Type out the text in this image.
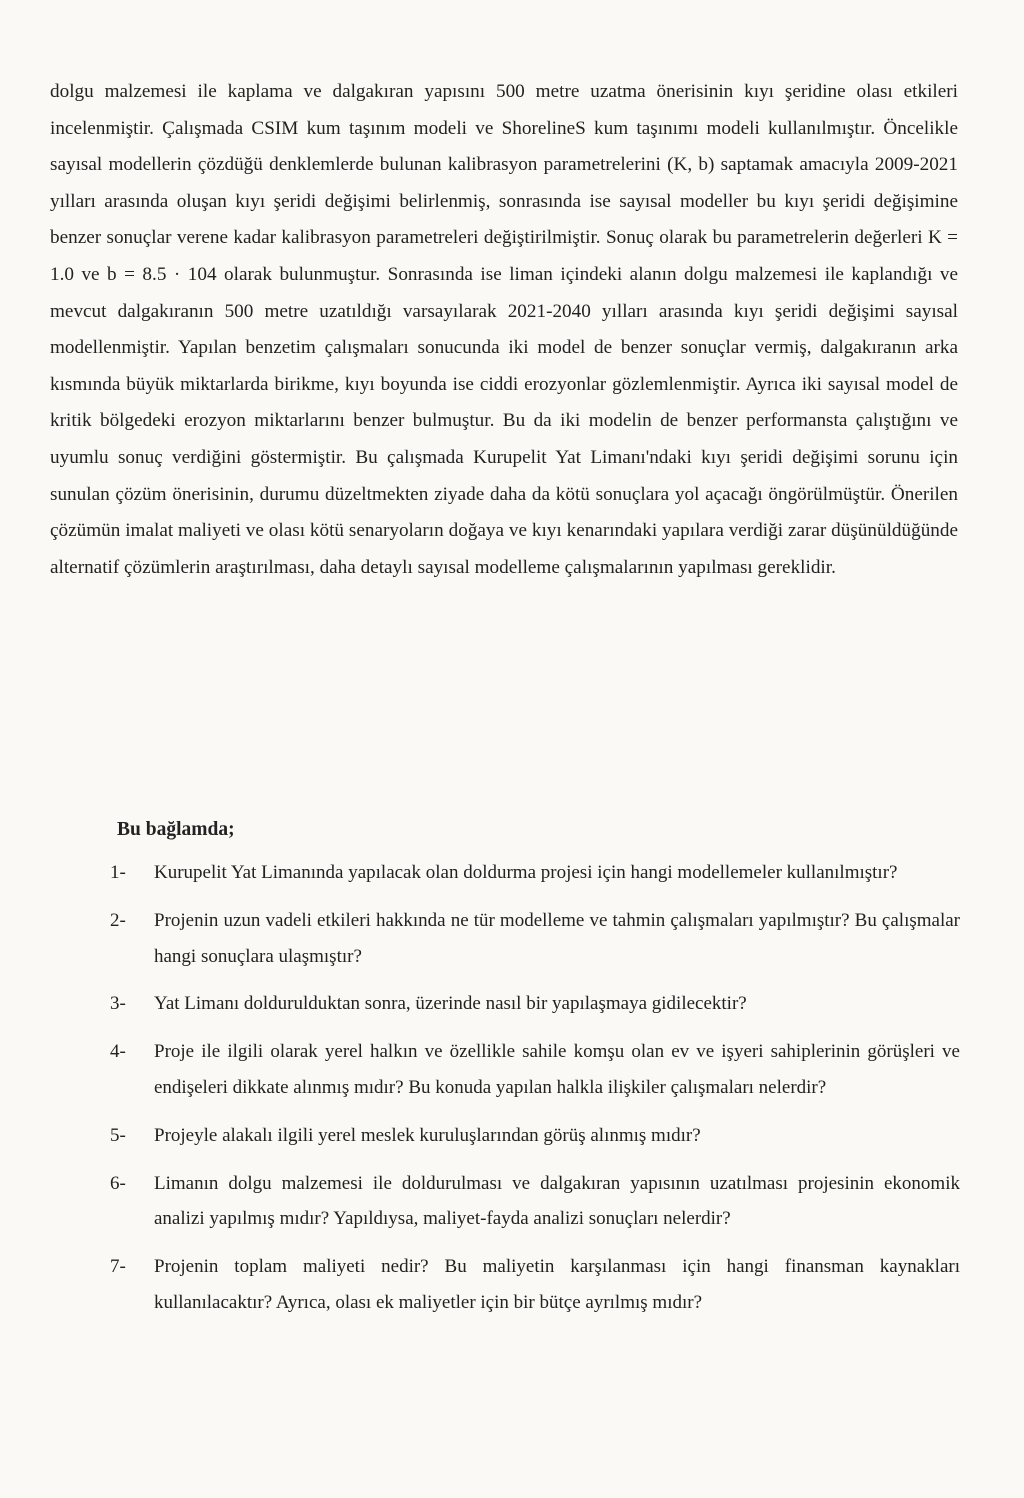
dolgu malzemesi ile kaplama ve dalgakıran yapısını 500 metre uzatma önerisinin kıyı şeridine olası etkileri incelenmiştir. Çalışmada CSIM kum taşınım modeli ve ShorelineS kum taşınımı modeli kullanılmıştır. Öncelikle sayısal modellerin çözdüğü denklemlerde bulunan kalibrasyon parametrelerini (K, b) saptamak amacıyla 2009-2021 yılları arasında oluşan kıyı şeridi değişimi belirlenmiş, sonrasında ise sayısal modeller bu kıyı şeridi değişimine benzer sonuçlar verene kadar kalibrasyon parametreleri değiştirilmiştir. Sonuç olarak bu parametrelerin değerleri K = 1.0 ve b = 8.5 · 104 olarak bulunmuştur. Sonrasında ise liman içindeki alanın dolgu malzemesi ile kaplandığı ve mevcut dalgakıranın 500 metre uzatıldığı varsayılarak 2021-2040 yılları arasında kıyı şeridi değişimi sayısal modellenmiştir. Yapılan benzetim çalışmaları sonucunda iki model de benzer sonuçlar vermiş, dalgakıranın arka kısmında büyük miktarlarda birikme, kıyı boyunda ise ciddi erozyonlar gözlemlenmiştir. Ayrıca iki sayısal model de kritik bölgedeki erozyon miktarlarını benzer bulmuştur. Bu da iki modelin de benzer performansta çalıştığını ve uyumlu sonuç verdiğini göstermiştir. Bu çalışmada Kurupelit Yat Limanı'ndaki kıyı şeridi değişimi sorunu için sunulan çözüm önerisinin, durumu düzeltmekten ziyade daha da kötü sonuçlara yol açacağı öngörülmüştür. Önerilen çözümün imalat maliyeti ve olası kötü senaryoların doğaya ve kıyı kenarındaki yapılara verdiği zarar düşünüldüğünde alternatif çözümlerin araştırılması, daha detaylı sayısal modelleme çalışmalarının yapılması gereklidir.

Bu bağlamda;
1-	Kurupelit Yat Limanında yapılacak olan doldurma projesi için hangi modellemeler kullanılmıştır?
2-	Projenin uzun vadeli etkileri hakkında ne tür modelleme ve tahmin çalışmaları yapılmıştır? Bu çalışmalar hangi sonuçlara ulaşmıştır?
3-	Yat Limanı doldurulduktan sonra, üzerinde nasıl bir yapılaşmaya gidilecektir?
4-	Proje ile ilgili olarak yerel halkın ve özellikle sahile komşu olan ev ve işyeri sahiplerinin görüşleri ve endişeleri dikkate alınmış mıdır? Bu konuda yapılan halkla ilişkiler çalışmaları nelerdir?
5-	Projeyle alakalı ilgili yerel meslek kuruluşlarından görüş alınmış mıdır?
6-	Limanın dolgu malzemesi ile doldurulması ve dalgakıran yapısının uzatılması projesinin ekonomik analizi yapılmış mıdır? Yapıldıysa, maliyet-fayda analizi sonuçları nelerdir?
7-	Projenin toplam maliyeti nedir? Bu maliyetin karşılanması için hangi finansman kaynakları kullanılacaktır? Ayrıca, olası ek maliyetler için bir bütçe ayrılmış mıdır?
